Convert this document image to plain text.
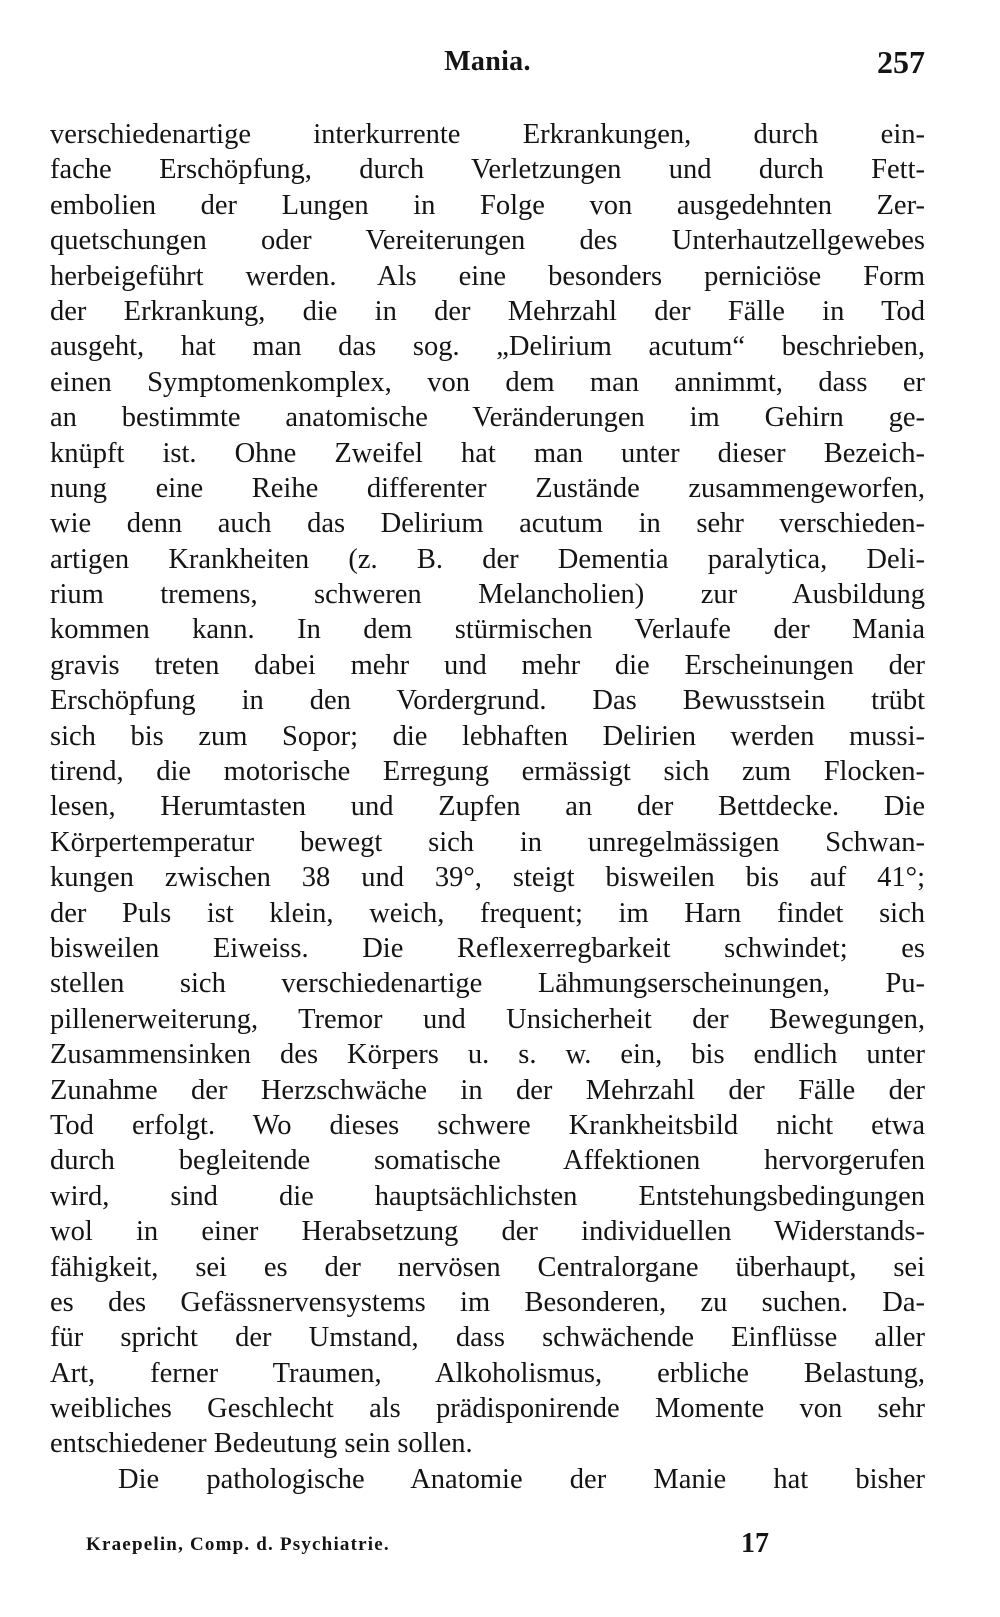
Mania.	257
verschiedenartige interkurrente Erkrankungen, durch ein-
fache Erschöpfung, durch Verletzungen und durch Fett-
embolien der Lungen in Folge von ausgedehnten Zer-
quetschungen oder Vereiterungen des Unterhautzellgewebes
herbeigeführt werden. Als eine besonders perniciöse Form
der Erkrankung, die in der Mehrzahl der Fälle in Tod
ausgeht, hat man das sog. „Delirium acutum“ beschrieben,
einen Symptomenkomplex, von dem man annimmt, dass er
an bestimmte anatomische Veränderungen im Gehirn ge-
knüpft ist. Ohne Zweifel hat man unter dieser Bezeich-
nung eine Reihe differenter Zustände zusammengeworfen,
wie denn auch das Delirium acutum in sehr verschieden-
artigen Krankheiten (z. B. der Dementia paralytica, Deli-
rium tremens, schweren Melancholien) zur Ausbildung
kommen kann. In dem stürmischen Verlaufe der Mania
gravis treten dabei mehr und mehr die Erscheinungen der
Erschöpfung in den Vordergrund. Das Bewusstsein trübt
sich bis zum Sopor; die lebhaften Delirien werden mussi-
tirend, die motorische Erregung ermässigt sich zum Flocken-
lesen, Herumtasten und Zupfen an der Bettdecke. Die
Körpertemperatur bewegt sich in unregelmässigen Schwan-
kungen zwischen 38 und 39°, steigt bisweilen bis auf 41°;
der Puls ist klein, weich, frequent; im Harn findet sich
bisweilen Eiweiss. Die Reflexerregbarkeit schwindet; es
stellen sich verschiedenartige Lähmungserscheinungen, Pu-
pillenerweiterung, Tremor und Unsicherheit der Bewegungen,
Zusammensinken des Körpers u. s. w. ein, bis endlich unter
Zunahme der Herzschwäche in der Mehrzahl der Fälle der
Tod erfolgt. Wo dieses schwere Krankheitsbild nicht etwa
durch begleitende somatische Affektionen hervorgerufen
wird, sind die hauptsächlichsten Entstehungsbedingungen
wol in einer Herabsetzung der individuellen Widerstands-
fähigkeit, sei es der nervösen Centralorgane überhaupt, sei
es des Gefässnervensystems im Besonderen, zu suchen. Da-
für spricht der Umstand, dass schwächende Einflüsse aller
Art, ferner Traumen, Alkoholismus, erbliche Belastung,
weibliches Geschlecht als prädisponirende Momente von sehr
entschiedener Bedeutung sein sollen.
Die pathologische Anatomie der Manie hat bisher
Kraepelin, Comp. d. Psychiatrie.	17
